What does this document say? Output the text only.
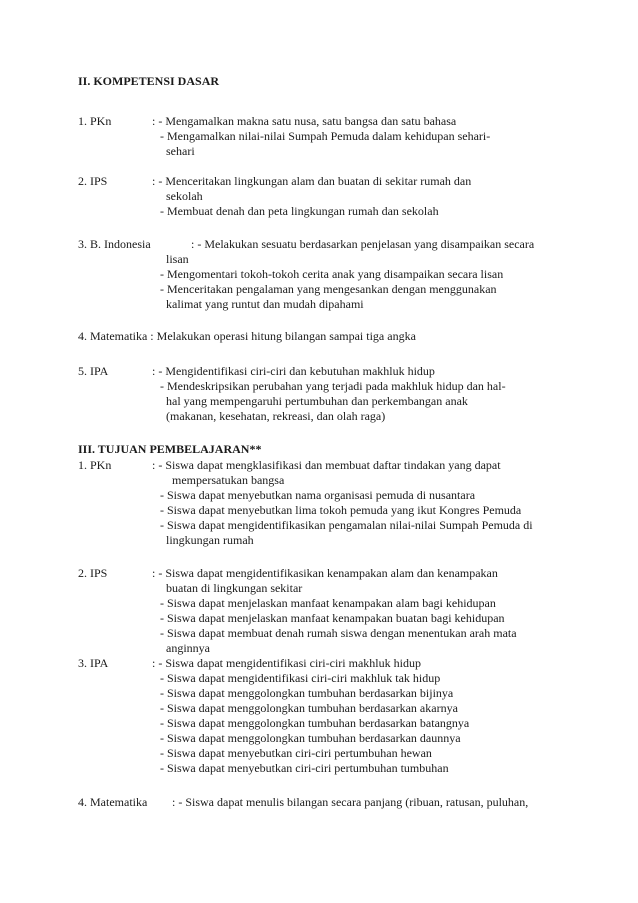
II. KOMPETENSI DASAR
1. PKn	: - Mengamalkan makna satu nusa, satu bangsa dan satu bahasa
- Mengamalkan nilai-nilai Sumpah Pemuda dalam kehidupan sehari-
sehari
2. IPS	: - Menceritakan lingkungan alam dan buatan di sekitar rumah dan
sekolah
- Membuat denah dan peta lingkungan rumah dan sekolah
3. B. Indonesia	: - Melakukan sesuatu berdasarkan penjelasan yang disampaikan secara
lisan
- Mengomentari tokoh-tokoh cerita anak yang disampaikan secara lisan
- Menceritakan pengalaman yang mengesankan dengan menggunakan
kalimat yang runtut dan mudah dipahami
4. Matematika : Melakukan operasi hitung bilangan sampai tiga angka
5. IPA	: - Mengidentifikasi ciri-ciri dan kebutuhan makhluk hidup
- Mendeskripsikan perubahan yang terjadi pada makhluk hidup dan hal-
hal yang mempengaruhi pertumbuhan dan perkembangan anak
(makanan, kesehatan, rekreasi, dan olah raga)
III. TUJUAN PEMBELAJARAN**
1. PKn	: - Siswa dapat mengklasifikasi dan membuat daftar tindakan yang dapat
mempersatukan bangsa
- Siswa dapat menyebutkan nama organisasi pemuda di nusantara
- Siswa dapat menyebutkan lima tokoh pemuda yang ikut Kongres Pemuda
- Siswa dapat mengidentifikasikan pengamalan nilai-nilai Sumpah Pemuda di
lingkungan rumah
2. IPS	: - Siswa dapat mengidentifikasikan kenampakan alam dan kenampakan
buatan di lingkungan sekitar
- Siswa dapat menjelaskan manfaat kenampakan alam bagi kehidupan
- Siswa dapat menjelaskan manfaat kenampakan buatan bagi kehidupan
- Siswa dapat membuat denah rumah siswa dengan menentukan arah mata
anginnya
3. IPA	: - Siswa dapat mengidentifikasi ciri-ciri makhluk hidup
- Siswa dapat mengidentifikasi ciri-ciri makhluk tak hidup
- Siswa dapat menggolongkan tumbuhan berdasarkan bijinya
- Siswa dapat menggolongkan tumbuhan berdasarkan akarnya
- Siswa dapat menggolongkan tumbuhan berdasarkan batangnya
- Siswa dapat menggolongkan tumbuhan berdasarkan daunnya
- Siswa dapat menyebutkan ciri-ciri pertumbuhan hewan
- Siswa dapat menyebutkan ciri-ciri pertumbuhan tumbuhan
4. Matematika : - Siswa dapat menulis bilangan secara panjang (ribuan, ratusan, puluhan,
